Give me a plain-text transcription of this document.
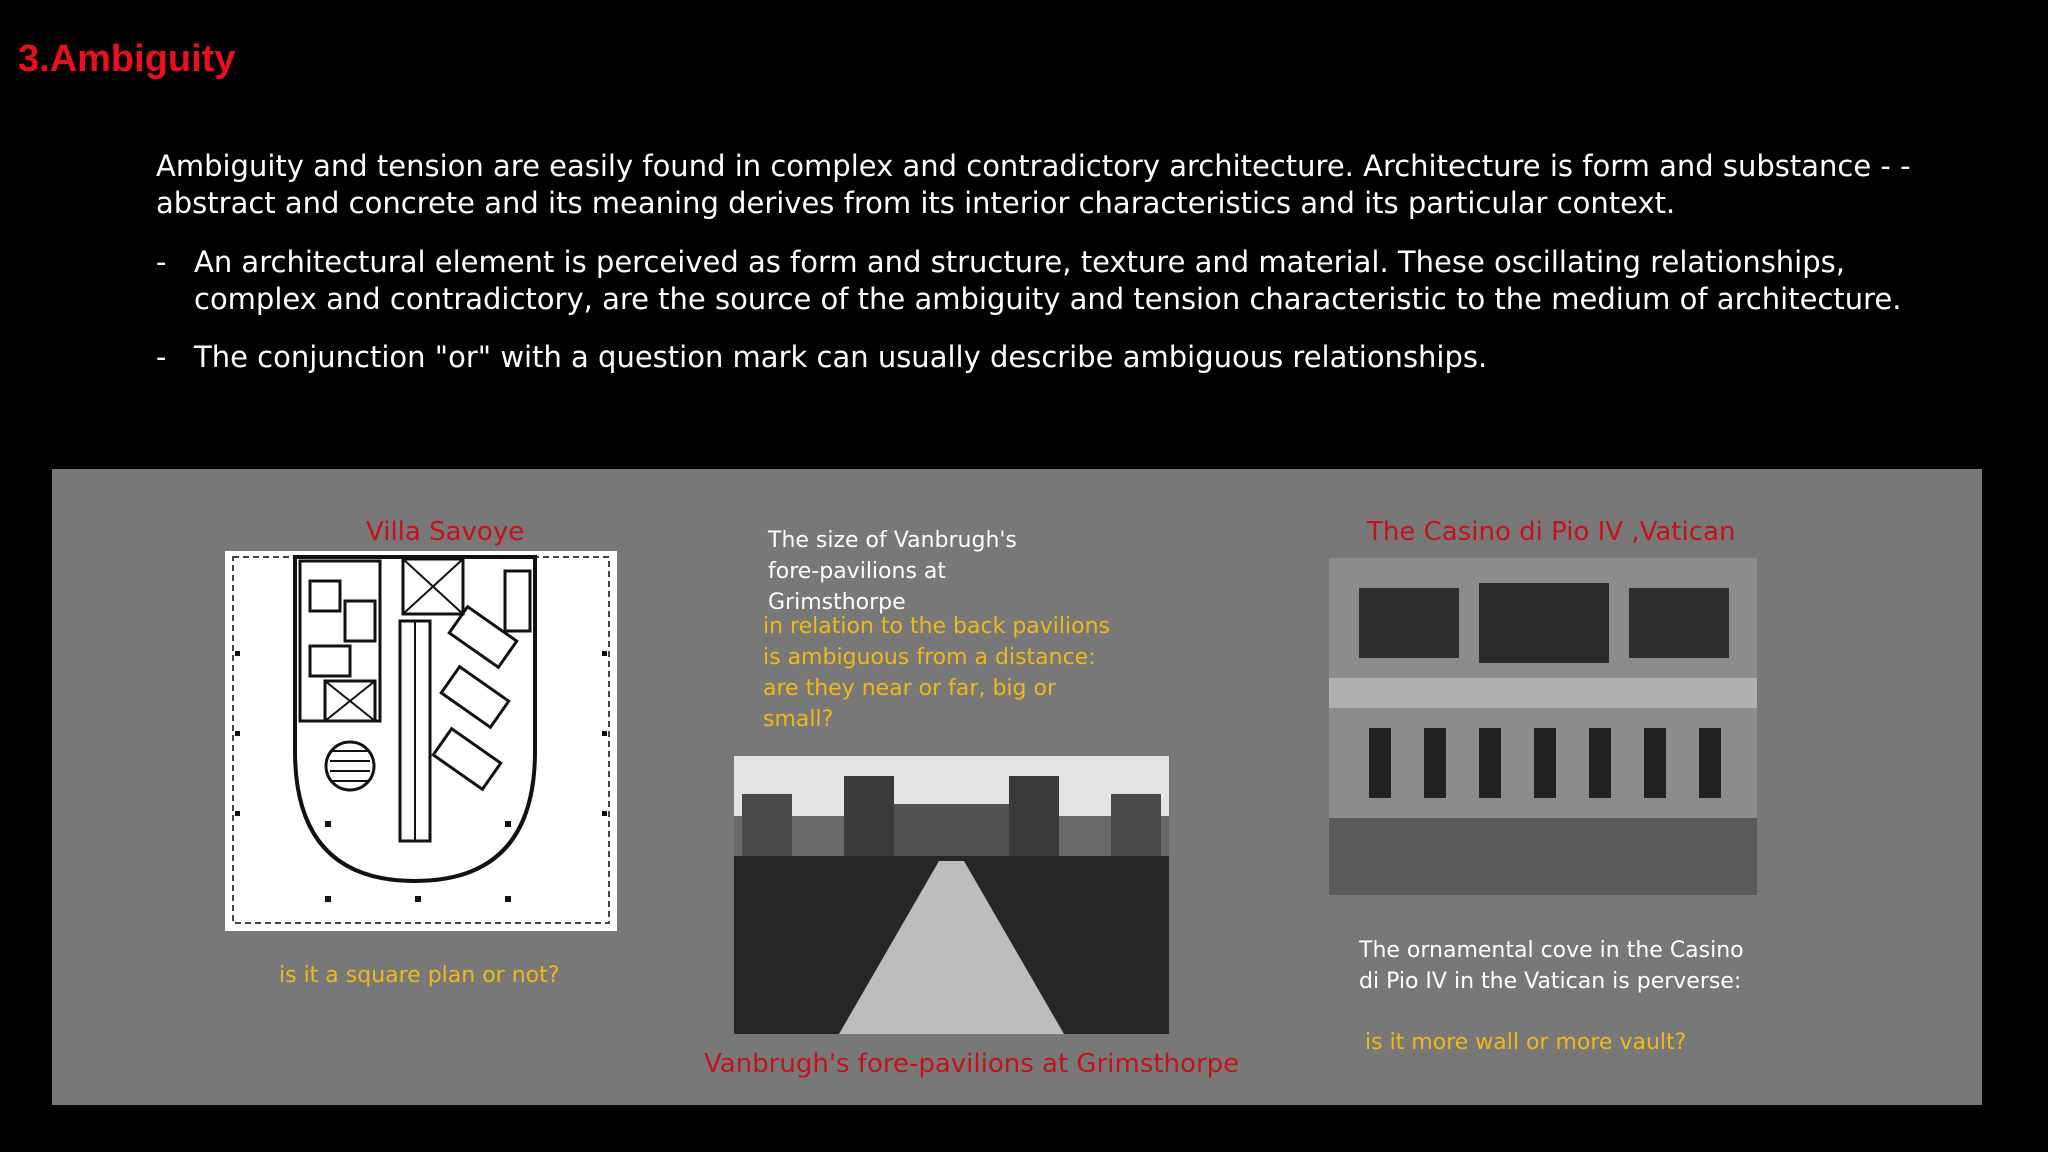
3.Ambiguity

Ambiguity and tension are easily found in complex and contradictory architecture. Architecture is form and substance - - abstract and concrete and its meaning derives from its interior characteristics and its particular context.

- An architectural element is perceived as form and structure, texture and material. These oscillating relationships, complex and contradictory, are the source of the ambiguity and tension characteristic to the medium of architecture.
- The conjunction "or" with a question mark can usually describe ambiguous relationships.

Villa Savoye

is it a square plan or not?

The size of Vanbrugh's fore-pavilions at Grimsthorpe

in relation to the back pavilions is ambiguous from a distance: are they near or far, big or small?

Vanbrugh's fore-pavilions at Grimsthorpe

The Casino di Pio IV ,Vatican

The ornamental cove in the Casino di Pio IV in the Vatican is perverse:

is it more wall or more vault?
